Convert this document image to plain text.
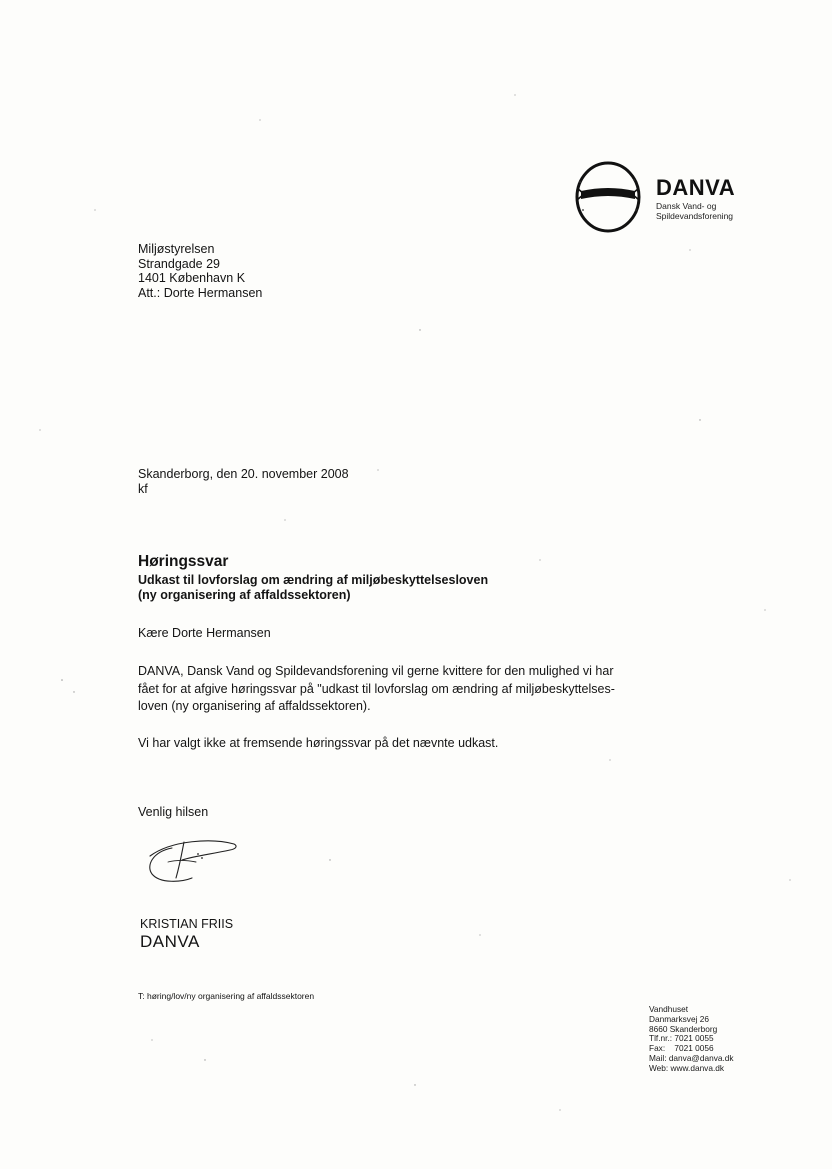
DANVA
Dansk Vand- og
Spildevandsforening
Miljøstyrelsen
Strandgade 29
1401 København K
Att.: Dorte Hermansen
Skanderborg, den 20. november 2008
kf
Høringssvar
Udkast til lovforslag om ændring af miljøbeskyttelsesloven
(ny organisering af affaldssektoren)
Kære Dorte Hermansen
DANVA, Dansk Vand og Spildevandsforening vil gerne kvittere for den mulighed vi har
fået for at afgive høringssvar på "udkast til lovforslag om ændring af miljøbeskyttelses-
loven (ny organisering af affaldssektoren).
Vi har valgt ikke at fremsende høringssvar på det nævnte udkast.
Venlig hilsen
KRISTIAN FRIIS
DANVA
T: høring/lov/ny organisering af affaldssektoren
Vandhuset
Danmarksvej 26
8660 Skanderborg
Tlf.nr.: 7021 0055
Fax:    7021 0056
Mail: danva@danva.dk
Web: www.danva.dk
